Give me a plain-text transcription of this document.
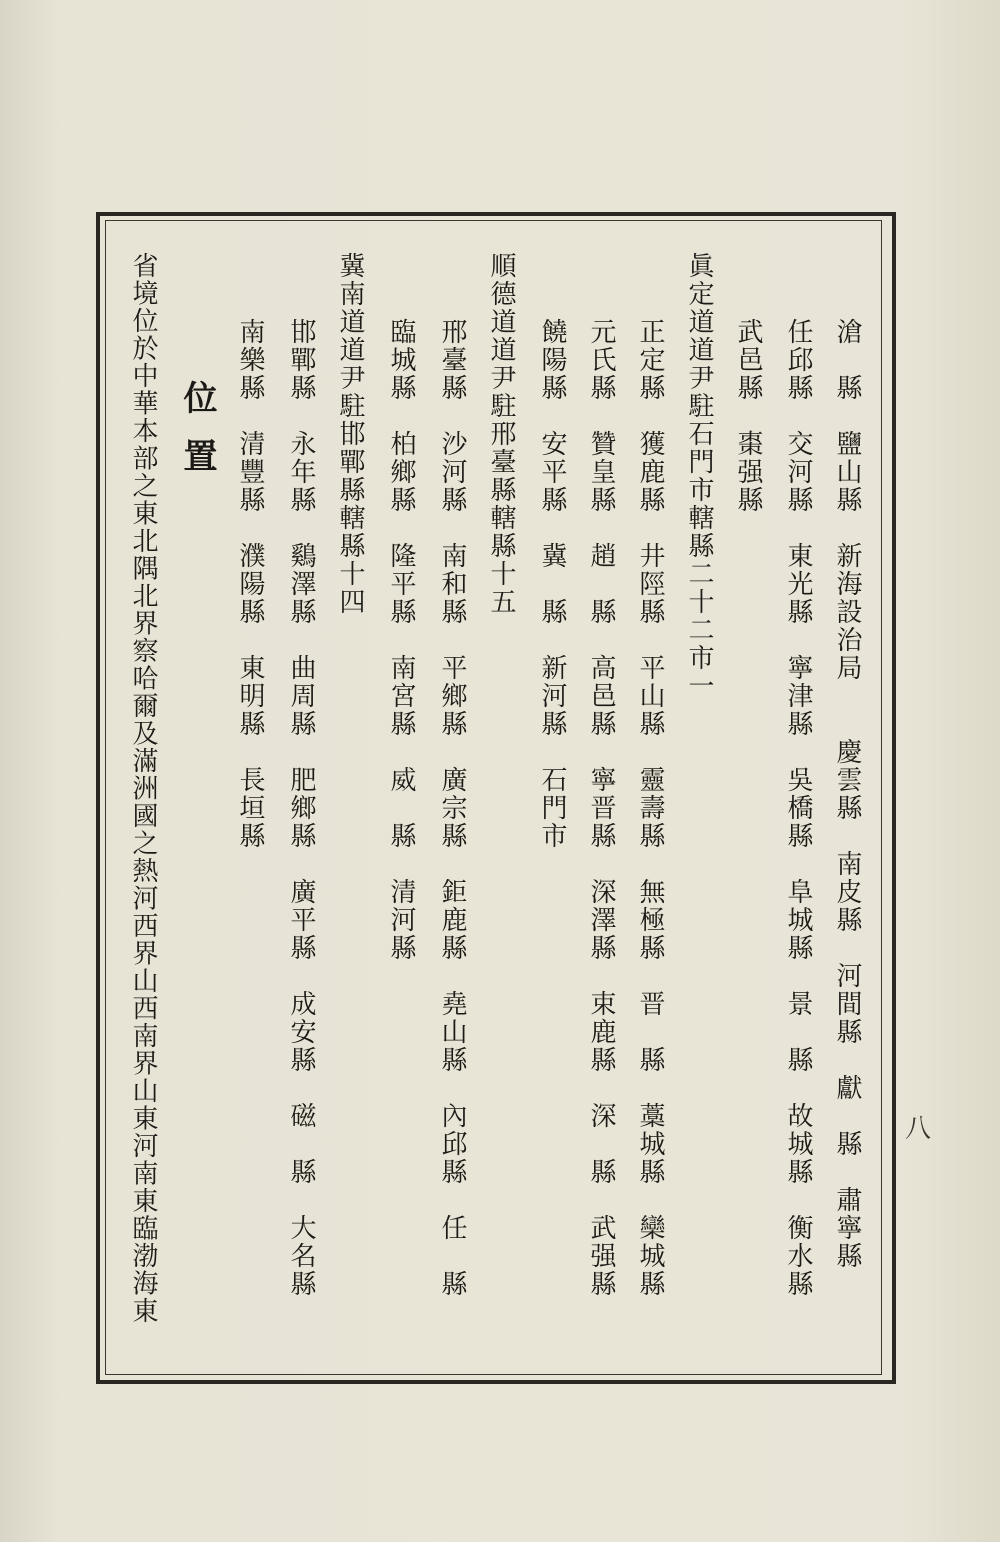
滄　縣　鹽山縣　新海設治局　　慶雲縣　南皮縣　河間縣　獻　縣　肅寧縣
任邱縣　交河縣　東光縣　寧津縣　吳橋縣　阜城縣　景　縣　故城縣　衡水縣
武邑縣　棗强縣
眞定道道尹駐石門市轄縣二十二市一
正定縣　獲鹿縣　井陘縣　平山縣　靈壽縣　無極縣　晋　縣　藁城縣　欒城縣
元氏縣　贊皇縣　趙　縣　高邑縣　寧晋縣　深澤縣　束鹿縣　深　縣　武强縣
饒陽縣　安平縣　冀　縣　新河縣　石門市
順德道道尹駐邢臺縣轄縣十五
邢臺縣　沙河縣　南和縣　平鄉縣　廣宗縣　鉅鹿縣　堯山縣　內邱縣　任　縣
臨城縣　柏鄉縣　隆平縣　南宮縣　威　縣　清河縣
冀南道道尹駐邯鄲縣轄縣十四
邯鄲縣　永年縣　鷄澤縣　曲周縣　肥鄉縣　廣平縣　成安縣　磁　縣　大名縣
南樂縣　清豐縣　濮陽縣　東明縣　長垣縣
位置
省境位於中華本部之東北隅北界察哈爾及滿洲國之熱河西界山西南界山東河南東臨渤海東	八
